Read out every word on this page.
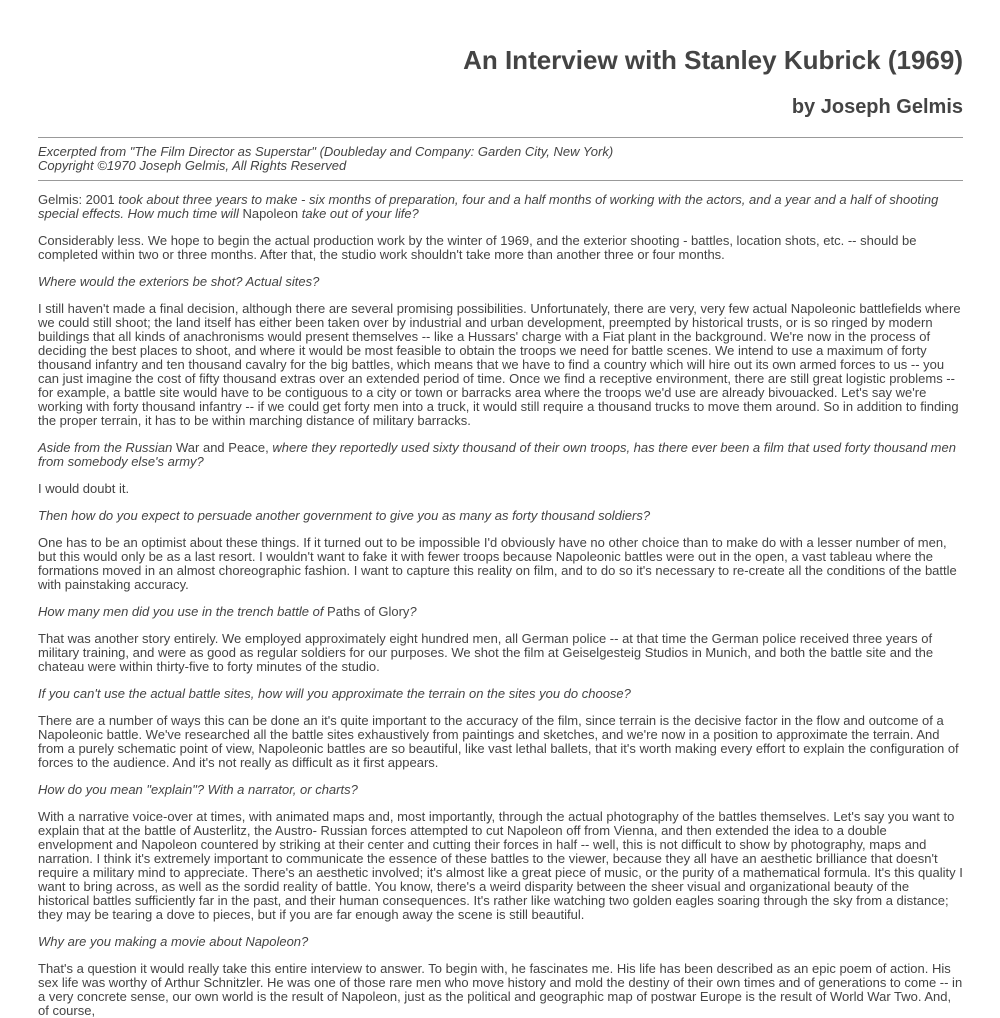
An Interview with Stanley Kubrick (1969)
by Joseph Gelmis
Excerpted from "The Film Director as Superstar" (Doubleday and Company: Garden City, New York)
Copyright ©1970 Joseph Gelmis, All Rights Reserved

Gelmis: 2001 took about three years to make - six months of preparation, four and a half months of working with the actors, and a year and a half of shooting special effects. How much time will Napoleon take out of your life?

Considerably less. We hope to begin the actual production work by the winter of 1969, and the exterior shooting - battles, location shots, etc. -- should be completed within two or three months. After that, the studio work shouldn't take more than another three or four months.

Where would the exteriors be shot? Actual sites?

I still haven't made a final decision, although there are several promising possibilities. Unfortunately, there are very, very few actual Napoleonic battlefields where we could still shoot; the land itself has either been taken over by industrial and urban development, preempted by historical trusts, or is so ringed by modern buildings that all kinds of anachronisms would present themselves -- like a Hussars' charge with a Fiat plant in the background. We're now in the process of deciding the best places to shoot, and where it would be most feasible to obtain the troops we need for battle scenes. We intend to use a maximum of forty thousand infantry and ten thousand cavalry for the big battles, which means that we have to find a country which will hire out its own armed forces to us -- you can just imagine the cost of fifty thousand extras over an extended period of time. Once we find a receptive environment, there are still great logistic problems -- for example, a battle site would have to be contiguous to a city or town or barracks area where the troops we'd use are already bivouacked. Let's say we're working with forty thousand infantry -- if we could get forty men into a truck, it would still require a thousand trucks to move them around. So in addition to finding the proper terrain, it has to be within marching distance of military barracks.

Aside from the Russian War and Peace, where they reportedly used sixty thousand of their own troops, has there ever been a film that used forty thousand men from somebody else's army?

I would doubt it.

Then how do you expect to persuade another government to give you as many as forty thousand soldiers?

One has to be an optimist about these things. If it turned out to be impossible I'd obviously have no other choice than to make do with a lesser number of men, but this would only be as a last resort. I wouldn't want to fake it with fewer troops because Napoleonic battles were out in the open, a vast tableau where the formations moved in an almost choreographic fashion. I want to capture this reality on film, and to do so it's necessary to re-create all the conditions of the battle with painstaking accuracy.

How many men did you use in the trench battle of Paths of Glory?

That was another story entirely. We employed approximately eight hundred men, all German police -- at that time the German police received three years of military training, and were as good as regular soldiers for our purposes. We shot the film at Geiselgesteig Studios in Munich, and both the battle site and the chateau were within thirty-five to forty minutes of the studio.

If you can't use the actual battle sites, how will you approximate the terrain on the sites you do choose?

There are a number of ways this can be done an it's quite important to the accuracy of the film, since terrain is the decisive factor in the flow and outcome of a Napoleonic battle. We've researched all the battle sites exhaustively from paintings and sketches, and we're now in a position to approximate the terrain. And from a purely schematic point of view, Napoleonic battles are so beautiful, like vast lethal ballets, that it's worth making every effort to explain the configuration of forces to the audience. And it's not really as difficult as it first appears.

How do you mean "explain"? With a narrator, or charts?

With a narrative voice-over at times, with animated maps and, most importantly, through the actual photography of the battles themselves. Let's say you want to explain that at the battle of Austerlitz, the Austro- Russian forces attempted to cut Napoleon off from Vienna, and then extended the idea to a double envelopment and Napoleon countered by striking at their center and cutting their forces in half -- well, this is not difficult to show by photography, maps and narration. I think it's extremely important to communicate the essence of these battles to the viewer, because they all have an aesthetic brilliance that doesn't require a military mind to appreciate. There's an aesthetic involved; it's almost like a great piece of music, or the purity of a mathematical formula. It's this quality I want to bring across, as well as the sordid reality of battle. You know, there's a weird disparity between the sheer visual and organizational beauty of the historical battles sufficiently far in the past, and their human consequences. It's rather like watching two golden eagles soaring through the sky from a distance; they may be tearing a dove to pieces, but if you are far enough away the scene is still beautiful.

Why are you making a movie about Napoleon?

That's a question it would really take this entire interview to answer. To begin with, he fascinates me. His life has been described as an epic poem of action. His sex life was worthy of Arthur Schnitzler. He was one of those rare men who move history and mold the destiny of their own times and of generations to come -- in a very concrete sense, our own world is the result of Napoleon, just as the political and geographic map of postwar Europe is the result of World War Two. And, of course,
